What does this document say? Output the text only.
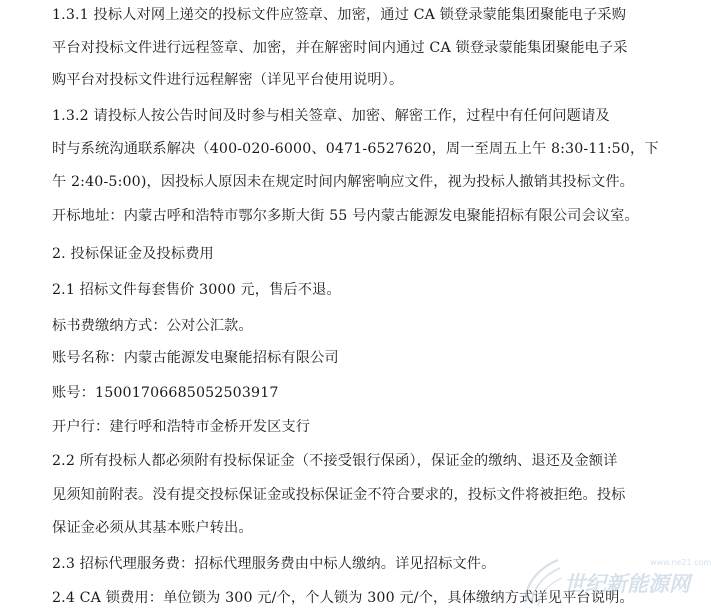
1.3.1 投标人对网上递交的投标文件应签章、加密，通过 CA 锁登录蒙能集团聚能电子采购
平台对投标文件进行远程签章、加密，并在解密时间内通过 CA 锁登录蒙能集团聚能电子采
购平台对投标文件进行远程解密（详见平台使用说明）。
1.3.2 请投标人按公告时间及时参与相关签章、加密、解密工作，过程中有任何问题请及
时与系统沟通联系解决（400-020-6000、0471-6527620，周一至周五上午 8:30-11:50，下
午 2:40-5:00)，因投标人原因未在规定时间内解密响应文件，视为投标人撤销其投标文件。
开标地址：内蒙古呼和浩特市鄂尔多斯大街 55 号内蒙古能源发电聚能招标有限公司会议室。
2. 投标保证金及投标费用
2.1 招标文件每套售价 3000 元，售后不退。
标书费缴纳方式：公对公汇款。
账号名称：内蒙古能源发电聚能招标有限公司
账号：15001706685052503917
开户行：建行呼和浩特市金桥开发区支行
2.2 所有投标人都必须附有投标保证金（不接受银行保函），保证金的缴纳、退还及金额详
见须知前附表。没有提交投标保证金或投标保证金不符合要求的，投标文件将被拒绝。投标
保证金必须从其基本账户转出。
2.3 招标代理服务费：招标代理服务费由中标人缴纳。详见招标文件。
2.4 CA 锁费用：单位锁为 300 元/个，个人锁为 300 元/个，具体缴纳方式详见平台说明。
www.ne21.com
世纪新能源网
